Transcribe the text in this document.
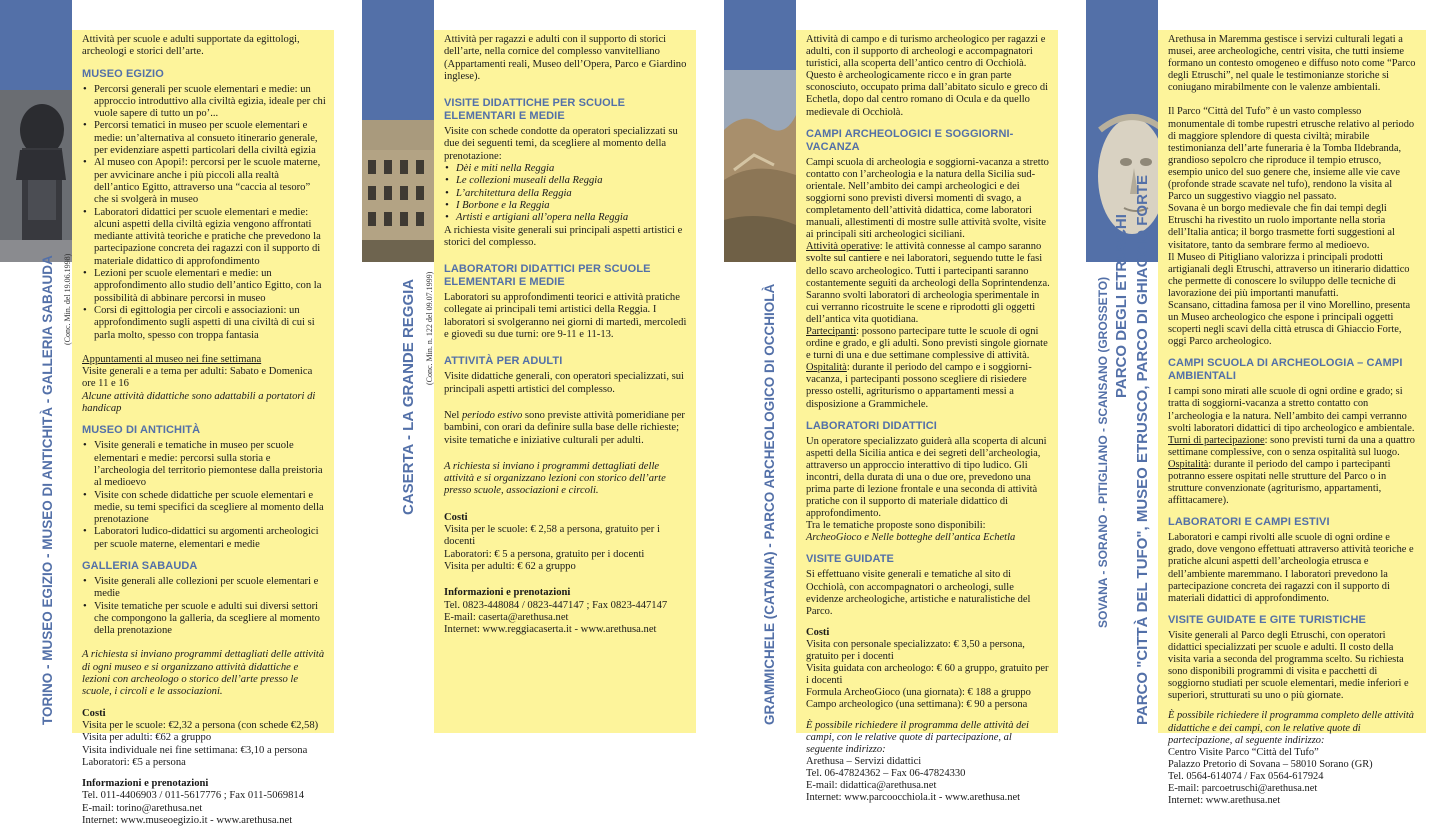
TORINO - MUSEO EGIZIO - MUSEO DI ANTICHITÀ - GALLERIA SABAUDA (Conc. Min. del 19.06.1998)

Attività per scuole e adulti supportate da egittologi, archeologi e storici dell’arte.

MUSEO EGIZIO
• Percorsi generali per scuole elementari e medie: un approccio introduttivo alla civiltà egizia, ideale per chi vuole sapere di tutto un po’...
• Percorsi tematici in museo per scuole elementari e medie: un’alternativa al consueto itinerario generale, per evidenziare aspetti particolari della civiltà egizia
• Al museo con Apopi!: percorsi per le scuole materne, per avvicinare anche i più piccoli alla realtà dell’antico Egitto, attraverso una “caccia al tesoro” che si svolgerà in museo
• Laboratori didattici per scuole elementari e medie: alcuni aspetti della civiltà egizia vengono affrontati mediante attività teoriche e pratiche che prevedono la partecipazione concreta dei ragazzi con il supporto di materiale didattico di approfondimento
• Lezioni per scuole elementari e medie: un approfondimento allo studio dell’antico Egitto, con la possibilità di abbinare percorsi in museo
• Corsi di egittologia per circoli e associazioni: un approfondimento sugli aspetti di una civiltà di cui si parla molto, spesso con troppa fantasia

Appuntamenti al museo nei fine settimana
Visite generali e a tema per adulti: Sabato e Domenica ore 11 e 16
Alcune attività didattiche sono adattabili a portatori di handicap

MUSEO DI ANTICHITÀ
• Visite generali e tematiche in museo per scuole elementari e medie: percorsi sulla storia e l’archeologia del territorio piemontese dalla preistoria al medioevo
• Visite con schede didattiche per scuole elementari e medie, su temi specifici da scegliere al momento della prenotazione
• Laboratori ludico-didattici su argomenti archeologici per scuole materne, elementari e medie
GALLERIA SABAUDA
• Visite generali alle collezioni per scuole elementari e medie
• Visite tematiche per scuole e adulti sui diversi settori che compongono la galleria, da scegliere al momento della prenotazione

A richiesta si inviano programmi dettagliati delle attività di ogni museo e si organizzano attività didattiche e lezioni con archeologo o storico dell’arte presso le scuole, i circoli e le associazioni.

Costi

Visita per le scuole: €2,32 a persona (con schede €2,58)
Visita per adulti: €62 a gruppo
Visita individuale nei fine settimana: €3,10 a persona
Laboratori: €5 a persona

Informazioni e prenotazioni

Tel. 011-4406903 / 011-5617776 ; Fax 011-5069814
E-mail: torino@arethusa.net
Internet: www.museoegizio.it - www.arethusa.net

CASERTA - LA GRANDE REGGIA (Conc. Min. n. 122 del 09.07.1999)

Attività per ragazzi e adulti con il supporto di storici dell’arte, nella cornice del complesso vanvitelliano (Appartamenti reali, Museo dell’Opera, Parco e Giardino inglese).

VISITE DIDATTICHE PER SCUOLE ELEMENTARI E MEDIE

Visite con schede condotte da operatori specializzati su due dei seguenti temi, da scegliere al momento della prenotazione:

• Dèi e miti nella Reggia
• Le collezioni museali della Reggia
• L’architettura della Reggia
• I Borbone e la Reggia
• Artisti e artigiani all’opera nella Reggia

A richiesta visite generali sui principali aspetti artistici e storici del complesso.

LABORATORI DIDATTICI PER SCUOLE ELEMENTARI E MEDIE

Laboratori su approfondimenti teorici e attività pratiche collegate ai principali temi artistici della Reggia. I laboratori si svolgeranno nei giorni di martedì, mercoledì e giovedì su due turni: ore 9-11 e 11-13.

ATTIVITÀ PER ADULTI

Visite didattiche generali, con operatori specializzati, sui principali aspetti artistici del complesso.

Nel periodo estivo sono previste attività pomeridiane per bambini, con orari da definire sulla base delle richieste; visite tematiche e iniziative culturali per adulti.

A richiesta si inviano i programmi dettagliati delle attività e si organizzano lezioni con storico dell’arte presso scuole, associazioni e circoli.

Costi

Visita per le scuole: € 2,58 a persona, gratuito per i docenti
Laboratori: € 5 a persona, gratuito per i docenti
Visita per adulti: € 62 a gruppo

Informazioni e prenotazioni

Tel. 0823-448084 / 0823-447147 ; Fax 0823-447147
E-mail: caserta@arethusa.net
Internet: www.reggiacaserta.it - www.arethusa.net	GRAMMICHELE (CATANIA) - PARCO ARCHEOLOGICO DI OCCHIOLÀ

Attività di campo e di turismo archeologico per ragazzi e adulti, con il supporto di archeologi e accompagnatori turistici, alla scoperta dell’antico centro di Occhiolà. Questo è archeologicamente ricco e in gran parte sconosciuto, occupato prima dall’abitato siculo e greco di Echetla, dopo dal centro romano di Ocula e da quello medievale di Occhiolà.

CAMPI ARCHEOLOGICI E SOGGIORNI-VACANZA

Campi scuola di archeologia e soggiorni-vacanza a stretto contatto con l’archeologia e la natura della Sicilia sud-orientale. Nell’ambito dei campi archeologici e dei soggiorni sono previsti diversi momenti di svago, a completamento dell’attività didattica, come laboratori manuali, allestimenti di mostre sulle attività svolte, visite ai principali siti archeologici siciliani.

Attività operative: le attività connesse al campo saranno svolte sul cantiere e nei laboratori, seguendo tutte le fasi dello scavo archeologico. Tutti i partecipanti saranno costantemente seguiti da archeologi della Soprintendenza. Saranno svolti laboratori di archeologia sperimentale in cui verranno ricostruite le scene e riprodotti gli oggetti dell’antica vita quotidiana.

Partecipanti: possono partecipare tutte le scuole di ogni ordine e grado, e gli adulti. Sono previsti singole giornate e turni di una e due settimane complessive di attività.

Ospitalità: durante il periodo del campo e i soggiorni-vacanza, i partecipanti possono scegliere di risiedere presso ostelli, agriturismo o appartamenti messi a disposizione a Grammichele.

LABORATORI DIDATTICI

Un operatore specializzato guiderà alla scoperta di alcuni aspetti della Sicilia antica e dei segreti dell’archeologia, attraverso un approccio interattivo di tipo ludico. Gli incontri, della durata di una o due ore, prevedono una prima parte di lezione frontale e una seconda di attività pratiche con il supporto di materiale didattico di approfondimento.

Tra le tematiche proposte sono disponibili:

ArcheoGioco e Nelle botteghe dell’antica Echetla

VISITE GUIDATE

Si effettuano visite generali e tematiche al sito di Occhiolà, con accompagnatori o archeologi, sulle evidenze archeologiche, artistiche e naturalistiche del Parco.

Costi

Visita con personale specializzato: € 3,50 a persona, gratuito per i docenti
Visita guidata con archeologo: € 60 a gruppo, gratuito per i docenti
Formula ArcheoGioco (una giornata): € 188 a gruppo
Campo archeologico (una settimana): € 90 a persona

È possibile richiedere il programma delle attività dei campi, con le relative quote di partecipazione, al seguente indirizzo:

Arethusa – Servizi didattici
Tel. 06-47824362 – Fax 06-47824330
E-mail: didattica@arethusa.net
Internet: www.parcoocchiola.it - www.arethusa.net

SOVANA - SORANO - PITIGLIANO - SCANSANO (GROSSETO) PARCO DEGLI ETRUSCHI PARCO "CITTÀ DEL TUFO", MUSEO ETRUSCO, PARCO DI GHIACCIO FORTE

Arethusa in Maremma gestisce i servizi culturali legati a musei, aree archeologiche, centri visita, che tutti insieme formano un contesto omogeneo e diffuso noto come “Parco degli Etruschi”, nel quale le testimonianze storiche si coniugano mirabilmente con le valenze ambientali.

Il Parco “Città del Tufo” è un vasto complesso monumentale di tombe rupestri etrusche relativo al periodo di maggiore splendore di questa civiltà; mirabile testimonianza dell’arte funeraria è la Tomba Ildebranda, grandioso sepolcro che riproduce il tempio etrusco, esempio unico del suo genere che, insieme alle vie cave (profonde strade scavate nel tufo), rendono la visita al Parco un suggestivo viaggio nel passato.

Sovana è un borgo medievale che fin dai tempi degli Etruschi ha rivestito un ruolo importante nella storia dell’Italia antica; il borgo trasmette forti suggestioni al visitatore, tanto da sembrare fermo al medioevo.

Il Museo di Pitigliano valorizza i principali prodotti artigianali degli Etruschi, attraverso un itinerario didattico che permette di conoscere lo sviluppo delle tecniche di lavorazione dei più importanti manufatti.

Scansano, cittadina famosa per il vino Morellino, presenta un Museo archeologico che espone i principali oggetti scoperti negli scavi della città etrusca di Ghiaccio Forte, oggi Parco archeologico.

CAMPI SCUOLA DI ARCHEOLOGIA – CAMPI AMBIENTALI

I campi sono mirati alle scuole di ogni ordine e grado; si tratta di soggiorni-vacanza a stretto contatto con l’archeologia e la natura. Nell’ambito dei campi verranno svolti laboratori didattici di tipo archeologico e ambientale.

Turni di partecipazione: sono previsti turni da una a quattro settimane complessive, con o senza ospitalità sul luogo.

Ospitalità: durante il periodo del campo i partecipanti potranno essere ospitati nelle strutture del Parco o in strutture convenzionate (agriturismo, appartamenti, affittacamere).

LABORATORI E CAMPI ESTIVI

Laboratori e campi rivolti alle scuole di ogni ordine e grado, dove vengono effettuati attraverso attività teoriche e pratiche alcuni aspetti dell’archeologia etrusca e dell’ambiente maremmano. I laboratori prevedono la partecipazione concreta dei ragazzi con il supporto di materiali didattici di approfondimento.

VISITE GUIDATE E GITE TURISTICHE

Visite generali al Parco degli Etruschi, con operatori didattici specializzati per scuole e adulti. Il costo della visita varia a seconda del programma scelto. Su richiesta sono disponibili programmi di visita e pacchetti di soggiorno studiati per scuole elementari, medie inferiori e superiori, strutturati su uno o più giornate.

È possibile richiedere il programma completo delle attività didattiche e dei campi, con le relative quote di partecipazione, al seguente indirizzo:

Centro Visite Parco “Città del Tufo”
Palazzo Pretorio di Sovana – 58010 Sorano (GR)
Tel. 0564-614074 / Fax 0564-617924
E-mail: parcoetruschi@arethusa.net
Internet: www.arethusa.net
